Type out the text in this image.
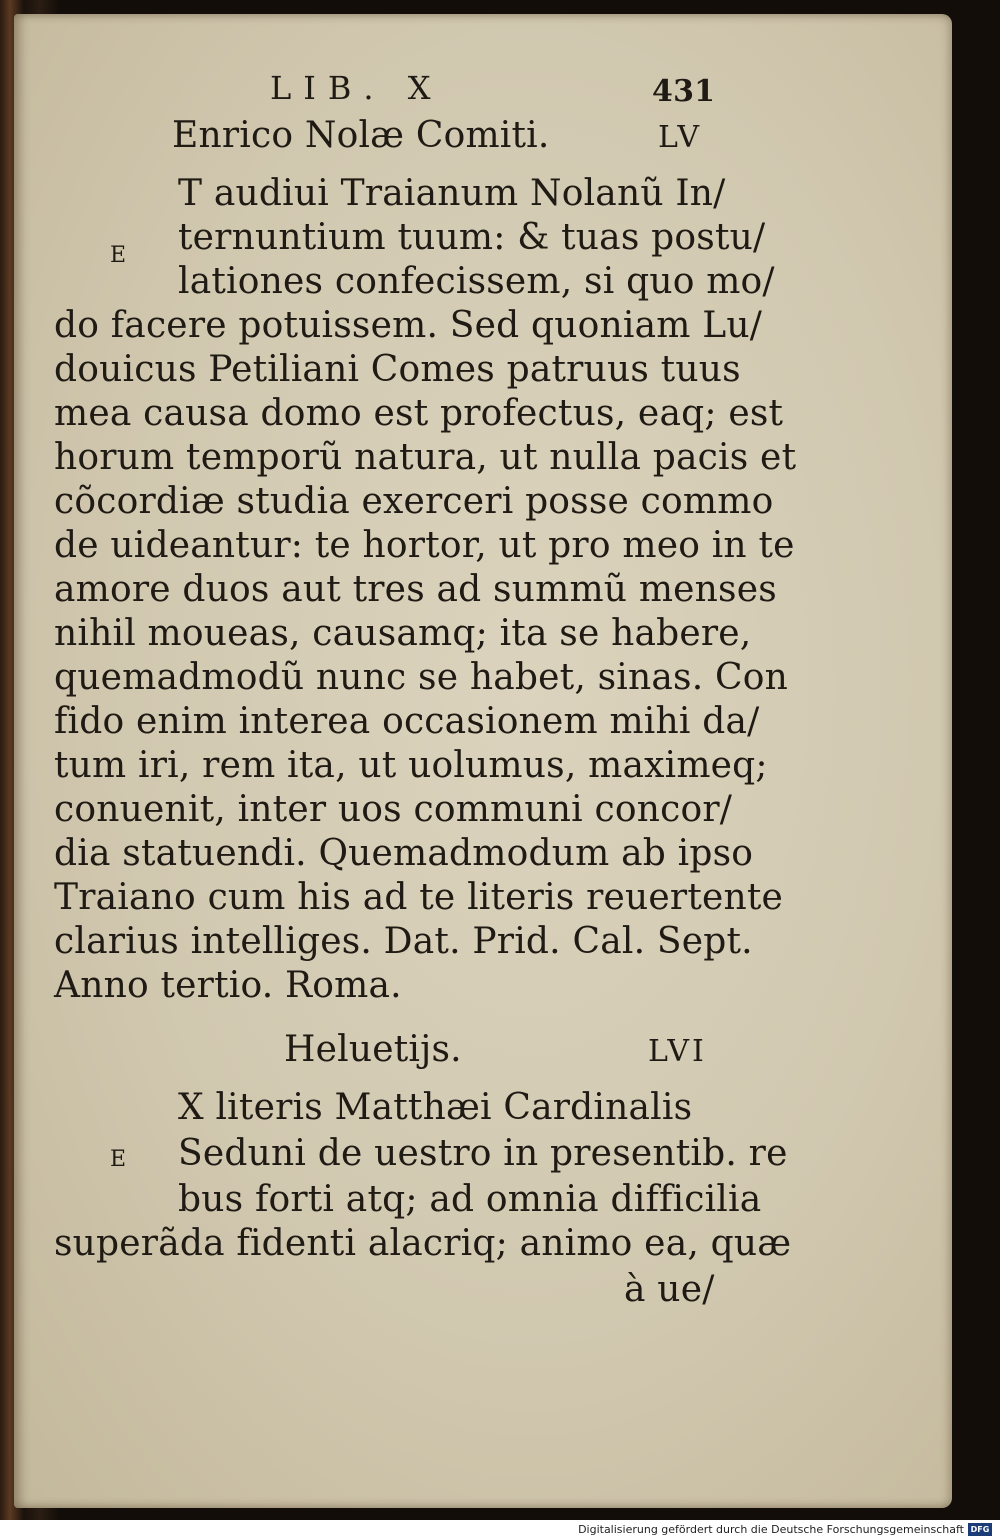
LIB. X	431
Enrico Nolæ Comiti.	LV
E
T audiui Traianum Nolanũ In/
ternuntium tuum: & tuas postu/
lationes confecissem, si quo mo/
do facere potuissem. Sed quoniam Lu/
douicus Petiliani Comes patruus tuus
mea causa domo est profectus, eaq; est
horum temporũ natura, ut nulla pacis et
cõcordiæ studia exerceri posse commo
de uideantur: te hortor, ut pro meo in te
amore duos aut tres ad summũ menses
nihil moueas, causamq; ita se habere,
quemadmodũ nunc se habet, sinas. Con
fido enim interea occasionem mihi da/
tum iri, rem ita, ut uolumus, maximeq;
conuenit, inter uos communi concor/
dia statuendi. Quemadmodum ab ipso
Traiano cum his ad te literis reuertente
clarius intelliges. Dat. Prid. Cal. Sept.
Anno tertio. Roma.
Heluetijs.	LVI
E
X literis Matthæi Cardinalis
Seduni de uestro in presentib. re
bus forti atq; ad omnia difficilia
superãda fidenti alacriq; animo ea, quæ
à ue/
Digitalisierung gefördert durch die Deutsche Forschungsgemeinschaft DFG
